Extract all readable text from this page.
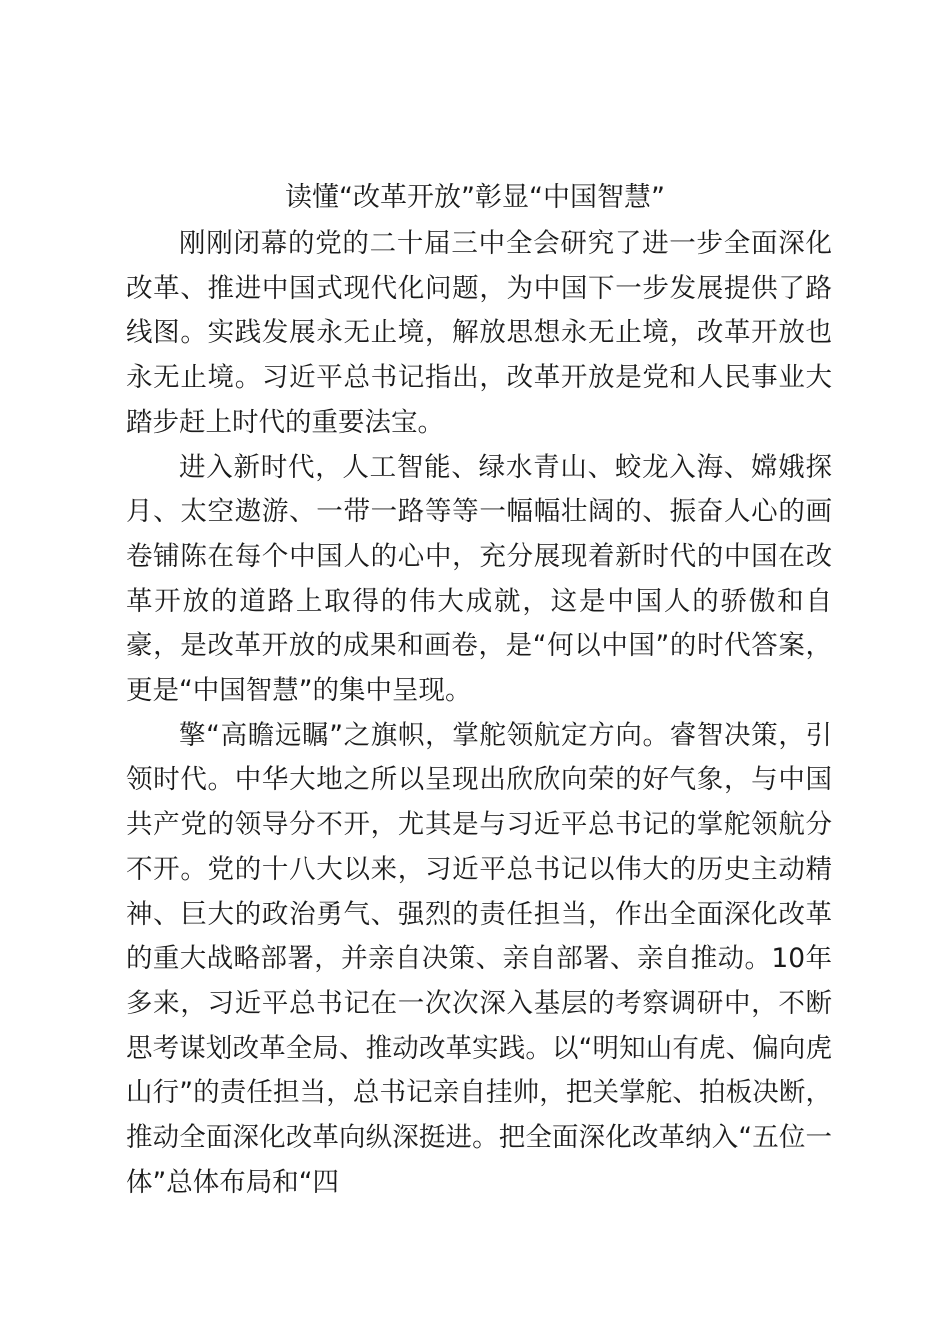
读懂“改革开放”彰显“中国智慧”

刚刚闭幕的党的二十届三中全会研究了进一步全面深化改革、推进中国式现代化问题，为中国下一步发展提供了路线图。实践发展永无止境，解放思想永无止境，改革开放也永无止境。习近平总书记指出，改革开放是党和人民事业大踏步赶上时代的重要法宝。

进入新时代，人工智能、绿水青山、蛟龙入海、嫦娥探月、太空遨游、一带一路等等一幅幅壮阔的、振奋人心的画卷铺陈在每个中国人的心中，充分展现着新时代的中国在改革开放的道路上取得的伟大成就，这是中国人的骄傲和自豪，是改革开放的成果和画卷，是“何以中国”的时代答案，更是“中国智慧”的集中呈现。

擎“高瞻远瞩”之旗帜，掌舵领航定方向。睿智决策，引领时代。中华大地之所以呈现出欣欣向荣的好气象，与中国共产党的领导分不开，尤其是与习近平总书记的掌舵领航分不开。党的十八大以来，习近平总书记以伟大的历史主动精神、巨大的政治勇气、强烈的责任担当，作出全面深化改革的重大战略部署，并亲自决策、亲自部署、亲自推动。10年多来，习近平总书记在一次次深入基层的考察调研中，不断思考谋划改革全局、推动改革实践。以“明知山有虎、偏向虎山行”的责任担当，总书记亲自挂帅，把关掌舵、拍板决断，推动全面深化改革向纵深挺进。把全面深化改革纳入“五位一体”总体布局和“四
